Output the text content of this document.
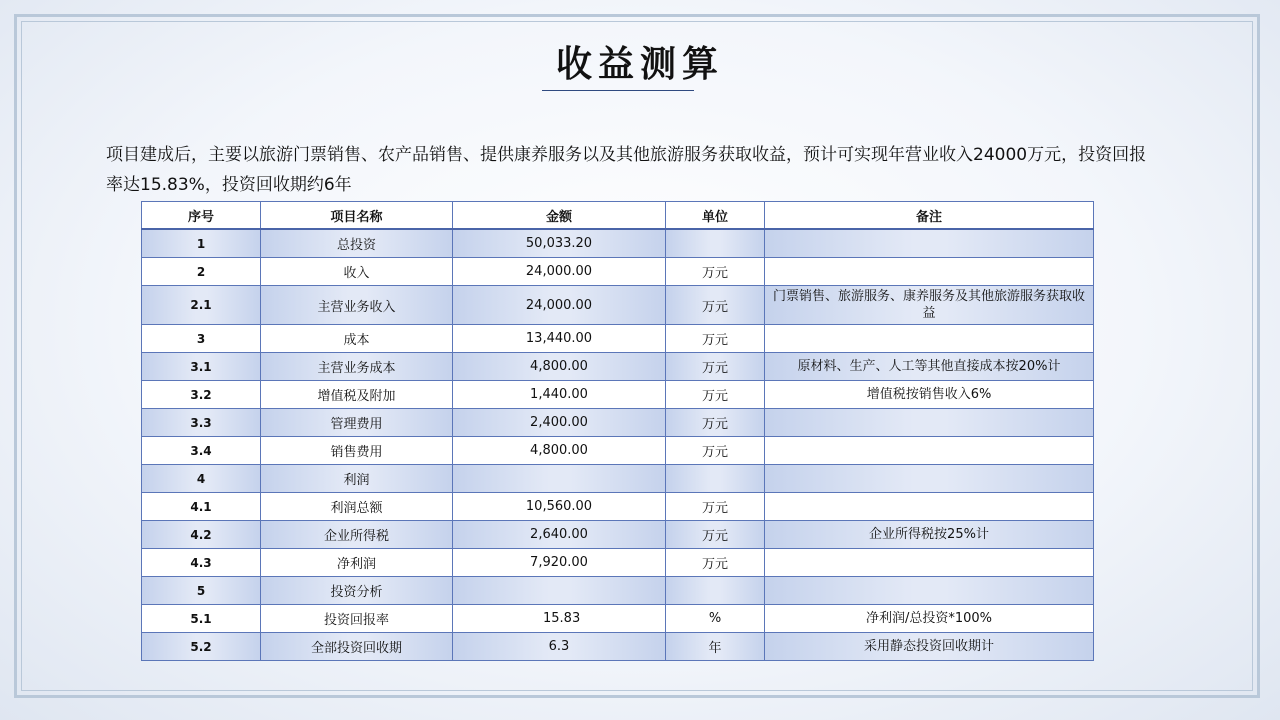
收益测算
项目建成后，主要以旅游门票销售、农产品销售、提供康养服务以及其他旅游服务获取收益，预计可实现年营业收入24000万元，投资回报率达15.83%，投资回收期约6年
序号	项目名称	金额	单位	备注
1	总投资	50,033.20		
2	收入	24,000.00	万元	
2.1	主营业务收入	24,000.00	万元	门票销售、旅游服务、康养服务及其他旅游服务获取收益
3	成本	13,440.00	万元	
3.1	主营业务成本	4,800.00	万元	原材料、生产、人工等其他直接成本按20%计
3.2	增值税及附加	1,440.00	万元	增值税按销售收入6%
3.3	管理费用	2,400.00	万元	
3.4	销售费用	4,800.00	万元	
4	利润			
4.1	利润总额	10,560.00	万元	
4.2	企业所得税	2,640.00	万元	企业所得税按25%计
4.3	净利润	7,920.00	万元	
5	投资分析			
5.1	投资回报率	15.83	%	净利润/总投资*100%
5.2	全部投资回收期	6.3	年	采用静态投资回收期计
